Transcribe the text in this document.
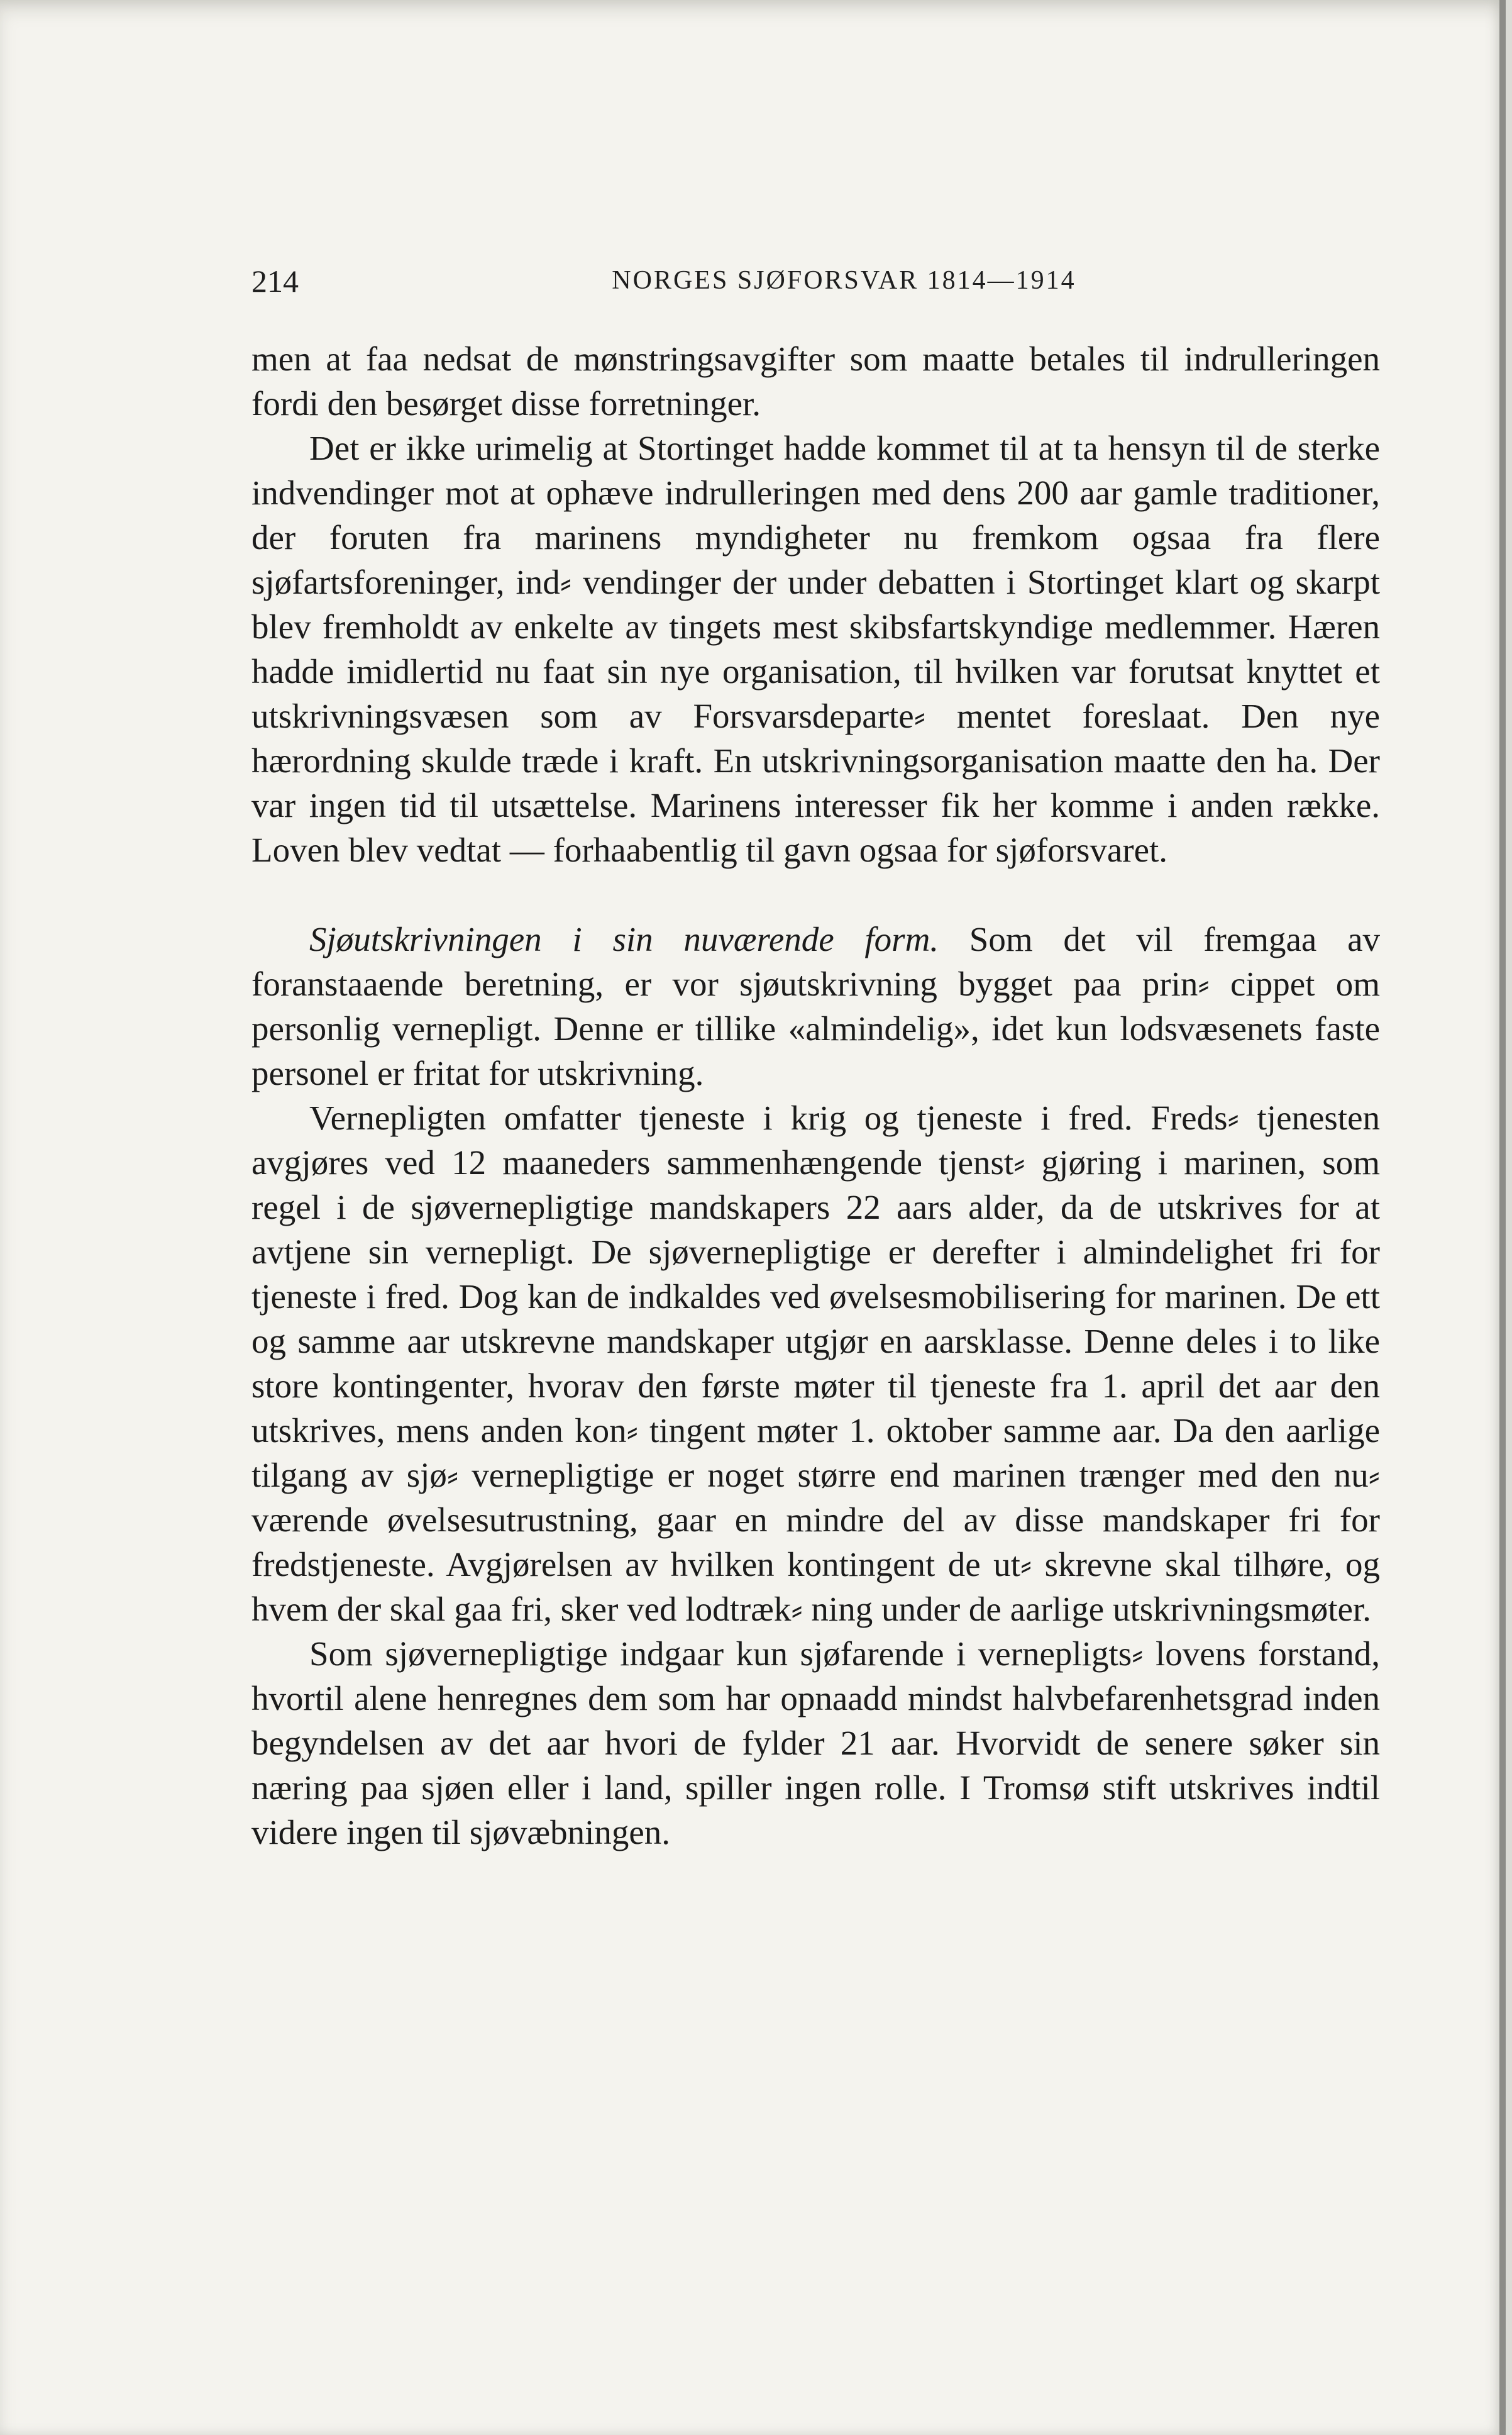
214	NORGES SJØFORSVAR 1814—1914

men at faa nedsat de mønstringsavgifter som maatte betales til indrulleringen fordi den besørget disse forretninger.

Det er ikke urimelig at Stortinget hadde kommet til at ta hensyn til de sterke indvendinger mot at ophæve indrulleringen med dens 200 aar gamle traditioner, der foruten fra marinens myndigheter nu fremkom ogsaa fra flere sjøfartsforeninger, ind⸗ vendinger der under debatten i Stortinget klart og skarpt blev fremholdt av enkelte av tingets mest skibsfartskyndige medlemmer. Hæren hadde imidlertid nu faat sin nye organisation, til hvilken var forutsat knyttet et utskrivningsvæsen som av Forsvarsdeparte⸗ mentet foreslaat. Den nye hærordning skulde træde i kraft. En utskrivningsorganisation maatte den ha. Der var ingen tid til utsættelse. Marinens interesser fik her komme i anden række. Loven blev vedtat — forhaabentlig til gavn ogsaa for sjøforsvaret.

Sjøutskrivningen i sin nuværende form. Som det vil fremgaa av foranstaaende beretning, er vor sjøutskrivning bygget paa prin⸗ cippet om personlig vernepligt. Denne er tillike «almindelig», idet kun lodsvæsenets faste personel er fritat for utskrivning.

Vernepligten omfatter tjeneste i krig og tjeneste i fred. Freds⸗ tjenesten avgjøres ved 12 maaneders sammenhængende tjenst⸗ gjøring i marinen, som regel i de sjøvernepligtige mandskapers 22 aars alder, da de utskrives for at avtjene sin vernepligt. De sjøvernepligtige er derefter i almindelighet fri for tjeneste i fred. Dog kan de indkaldes ved øvelsesmobilisering for marinen. De ett og samme aar utskrevne mandskaper utgjør en aarsklasse. Denne deles i to like store kontingenter, hvorav den første møter til tjeneste fra 1. april det aar den utskrives, mens anden kon⸗ tingent møter 1. oktober samme aar. Da den aarlige tilgang av sjø⸗ vernepligtige er noget større end marinen trænger med den nu⸗ værende øvelsesutrustning, gaar en mindre del av disse mandskaper fri for fredstjeneste. Avgjørelsen av hvilken kontingent de ut⸗ skrevne skal tilhøre, og hvem der skal gaa fri, sker ved lodtræk⸗ ning under de aarlige utskrivningsmøter.

Som sjøvernepligtige indgaar kun sjøfarende i vernepligts⸗ lovens forstand, hvortil alene henregnes dem som har opnaadd mindst halvbefarenhetsgrad inden begyndelsen av det aar hvori de fylder 21 aar. Hvorvidt de senere søker sin næring paa sjøen eller i land, spiller ingen rolle. I Tromsø stift utskrives indtil videre ingen til sjøvæbningen.
